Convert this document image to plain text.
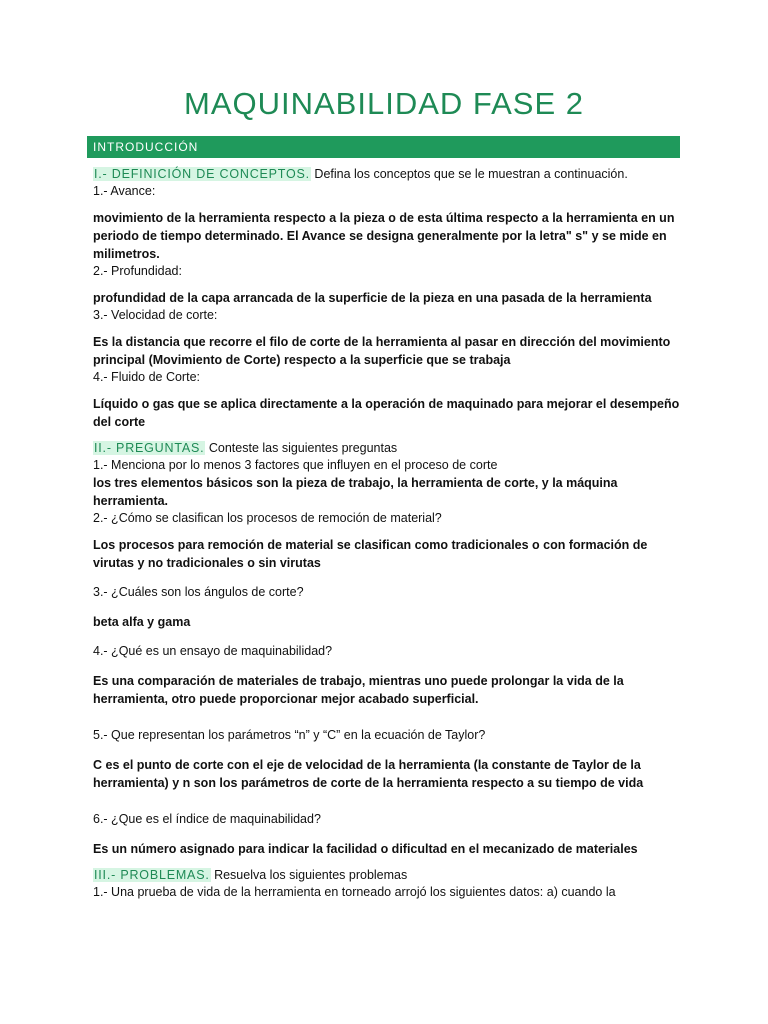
MAQUINABILIDAD FASE 2
INTRODUCCIÓN

I.- DEFINICIÓN DE CONCEPTOS. Defina los conceptos que se le muestran a continuación.

1.- Avance:

movimiento de la herramienta respecto a la pieza o de esta última respecto a la herramienta en un periodo de tiempo determinado. El Avance se designa generalmente por la letra" s" y se mide en milimetros.

2.- Profundidad:

profundidad de la capa arrancada de la superficie de la pieza en una pasada de la herramienta

3.- Velocidad de corte:

Es la distancia que recorre el filo de corte de la herramienta al pasar en dirección del movimiento principal (Movimiento de Corte) respecto a la superficie que se trabaja

4.- Fluido de Corte:

Líquido o gas que se aplica directamente a la operación de maquinado para mejorar el desempeño del corte

II.- PREGUNTAS. Conteste las siguientes preguntas

1.- Menciona por lo menos 3 factores que influyen en el proceso de corte

los tres elementos básicos son la pieza de trabajo, la herramienta de corte, y la máquina herramienta.

2.- ¿Cómo se clasifican los procesos de remoción de material?

Los procesos para remoción de material se clasifican como tradicionales o con formación de virutas y no tradicionales o sin virutas

3.- ¿Cuáles son los ángulos de corte?

beta alfa y gama

4.- ¿Qué es un ensayo de maquinabilidad?

Es una comparación de materiales de trabajo, mientras uno puede prolongar la vida de la herramienta, otro puede proporcionar mejor acabado superficial.

5.- Que representan los parámetros “n” y “C” en la ecuación de Taylor?

C es el punto de corte con el eje de velocidad de la herramienta (la constante de Taylor de la herramienta) y n son los parámetros de corte de la herramienta respecto a su tiempo de vida

6.- ¿Que es el índice de maquinabilidad?

Es un número asignado para indicar la facilidad o dificultad en el mecanizado de materiales

III.- PROBLEMAS. Resuelva los siguientes problemas

1.- Una prueba de vida de la herramienta en torneado arrojó los siguientes datos: a) cuando la
